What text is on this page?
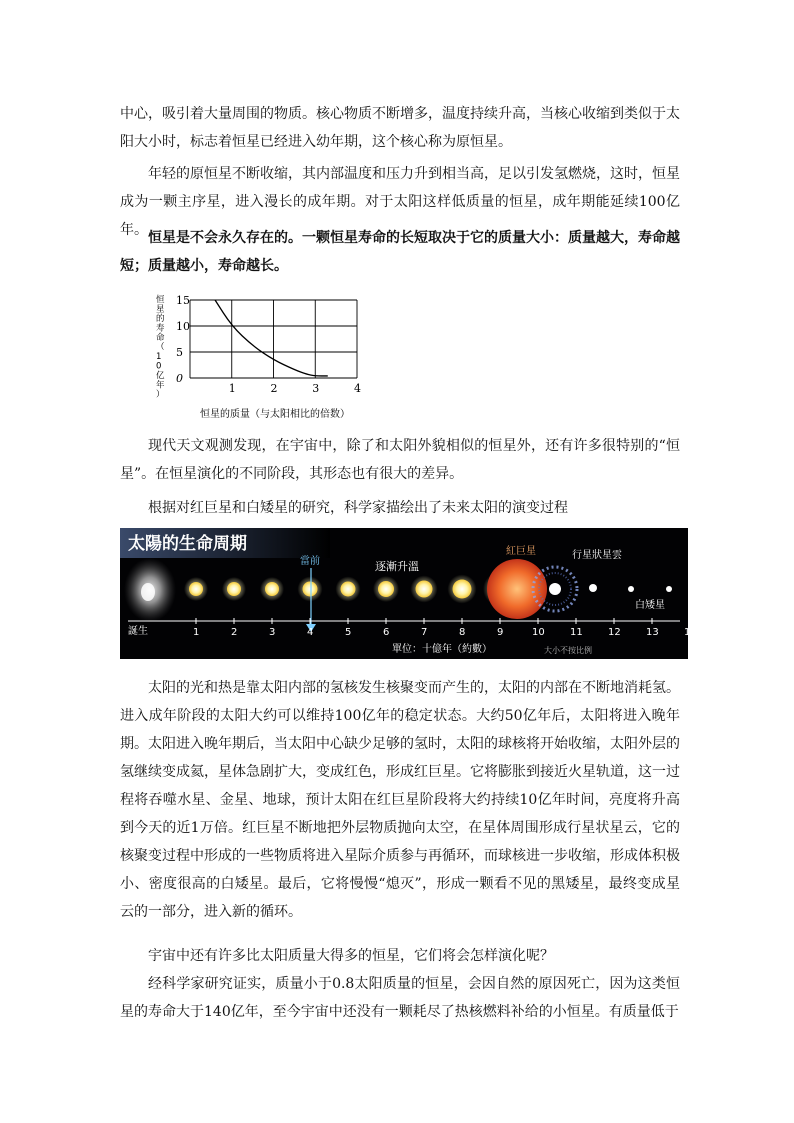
中心，吸引着大量周围的物质。核心物质不断增多，温度持续升高，当核心收缩到类似于太阳大小时，标志着恒星已经进入幼年期，这个核心称为原恒星。

年轻的原恒星不断收缩，其内部温度和压力升到相当高，足以引发氢燃烧，这时，恒星成为一颗主序星，进入漫长的成年期。对于太阳这样低质量的恒星，成年期能延续100亿年。 恒星是不会永久存在的。一颗恒星寿命的长短取决于它的质量大小：质量越大，寿命越短；质量越小，寿命越长。

恒
星
的
寿
命
（
1
0
亿
年
）
15
10
5
0
1	2	3	4
恒星的质量（与太阳相比的倍数）

现代天文观测发现，在宇宙中，除了和太阳外貌相似的恒星外，还有许多很特别的“恒星”。在恒星演化的不同阶段，其形态也有很大的差异。

根据对红巨星和白矮星的研究，科学家描绘出了未来太阳的演变过程

太陽的生命周期
當前	逐漸升溫
紅巨星	行星狀星雲
白矮星
1	2	3	4	5	6	7	8	9	10	11	12	13	14
誕生
單位：十億年（約數）	大小不按比例

太阳的光和热是靠太阳内部的氢核发生核聚变而产生的，太阳的内部在不断地消耗氢。进入成年阶段的太阳大约可以维持100亿年的稳定状态。大约50亿年后，太阳将进入晚年期。太阳进入晚年期后，当太阳中心缺少足够的氢时，太阳的球核将开始收缩，太阳外层的氢继续变成氦，星体急剧扩大，变成红色，形成红巨星。它将膨胀到接近火星轨道，这一过程将吞噬水星、金星、地球，预计太阳在红巨星阶段将大约持续10亿年时间，亮度将升高到今天的近1万倍。红巨星不断地把外层物质抛向太空，在星体周围形成行星状星云，它的核聚变过程中形成的一些物质将进入星际介质参与再循环，而球核进一步收缩，形成体积极小、密度很高的白矮星。最后，它将慢慢“熄灭”，形成一颗看不见的黑矮星，最终变成星云的一部分，进入新的循环。

宇宙中还有许多比太阳质量大得多的恒星，它们将会怎样演化呢？

经科学家研究证实，质量小于0.8太阳质量的恒星，会因自然的原因死亡，因为这类恒星的寿命大于140亿年，至今宇宙中还没有一颗耗尽了热核燃料补给的小恒星。有质量低于
